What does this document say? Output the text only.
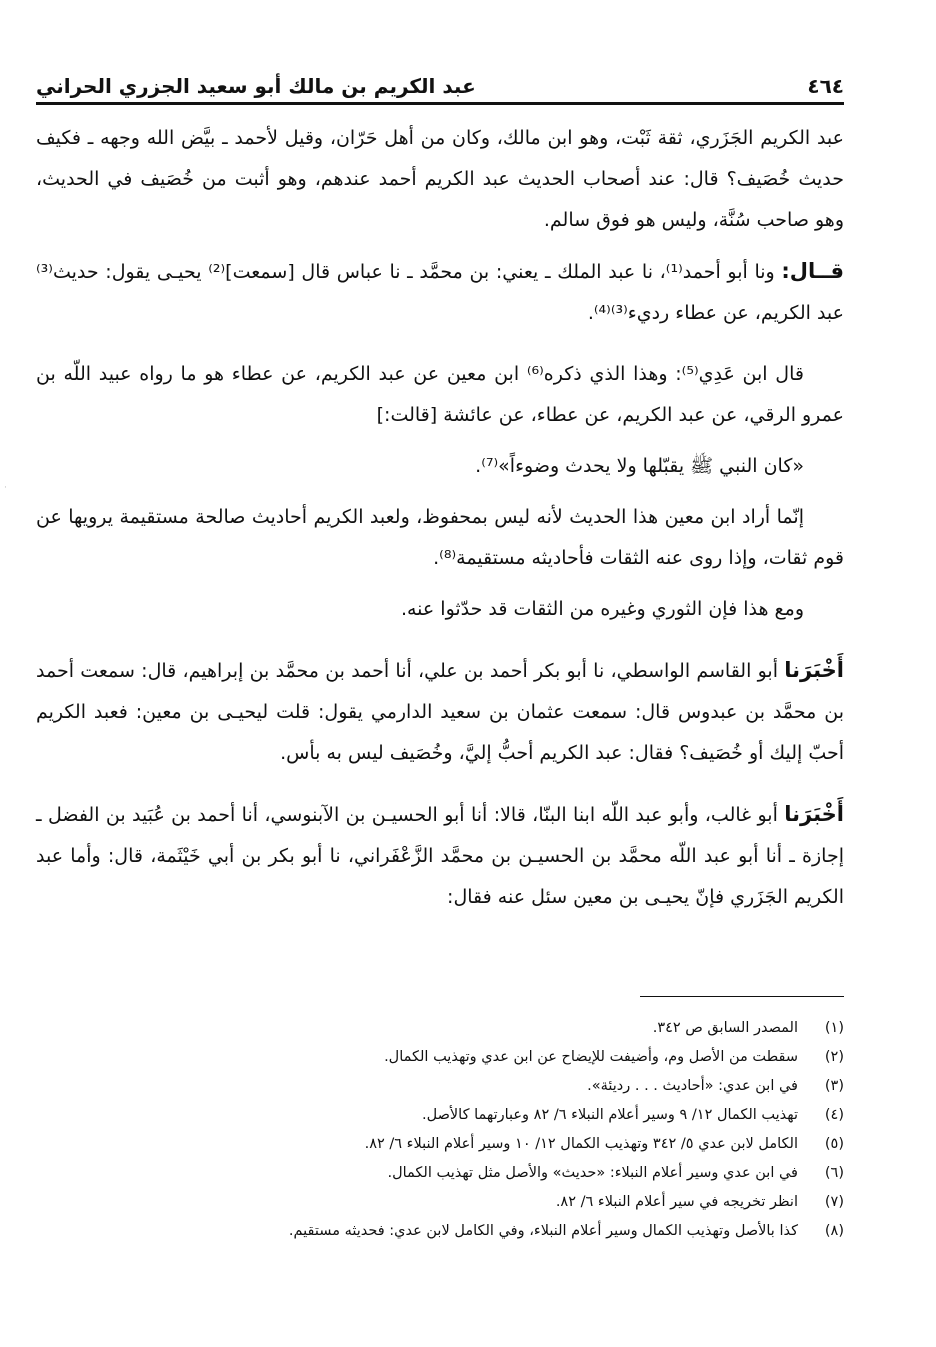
٤٦٤
عبد الكريم بن مالك أبو سعيد الجزري الحراني
·

عبد الكريم الجَزَري، ثقة ثَبْت، وهو ابن مالك، وكان من أهل حَرّان، وقيل لأحمد ـ بيَّض الله وجهه ـ فكيف حديث خُصَيف؟ قال: عند أصحاب الحديث عبد الكريم أحمد عندهم، وهو أثبت من خُصَيف في الحديث، وهو صاحب سُنَّة، وليس هو فوق سالم.

قــال: ونا أبو أحمد⁽¹⁾، نا عبد الملك ـ يعني: بن محمَّد ـ نا عباس قال [سمعت]⁽²⁾ يحيـى يقول: حديث⁽³⁾ عبد الكريم، عن عطاء رديء⁽³⁾⁽⁴⁾.

قال ابن عَدِي⁽⁵⁾: وهذا الذي ذكره⁽⁶⁾ ابن معين عن عبد الكريم، عن عطاء هو ما رواه عبيد اللّه بن عمرو الرقي، عن عبد الكريم، عن عطاء، عن عائشة [قالت:]

«كان النبي ﷺ يقبّلها ولا يحدث وضوءاً»⁽⁷⁾.

إنّما أراد ابن معين هذا الحديث لأنه ليس بمحفوظ، ولعبد الكريم أحاديث صالحة مستقيمة يرويها عن قوم ثقات، وإذا روى عنه الثقات فأحاديثه مستقيمة⁽⁸⁾.

ومع هذا فإن الثوري وغيره من الثقات قد حدّثوا عنه.

أَخْبَرَنا أبو القاسم الواسطي، نا أبو بكر أحمد بن علي، أنا أحمد بن محمَّد بن إبراهيم، قال: سمعت أحمد بن محمَّد بن عبدوس قال: سمعت عثمان بن سعيد الدارمي يقول: قلت ليحيـى بن معين: فعبد الكريم أحبّ إليك أو خُصَيف؟ فقال: عبد الكريم أحبُّ إليَّ، وخُصَيف ليس به بأس.

أَخْبَرَنا أبو غالب، وأبو عبد اللّه ابنا البنّا، قالا: أنا أبو الحسيـن بن الآبنوسي، أنا أحمد بن عُبَيد بن الفضل ـ إجازة ـ أنا أبو عبد اللّه محمَّد بن الحسيـن بن محمَّد الزَّعْفَراني، نا أبو بكر بن أبي خَيْثَمة، قال: وأما عبد الكريم الجَزَري فإنّ يحيـى بن معين سئل عنه فقال:

(١)
المصدر السابق ص ٣٤٢.
(٢)
سقطت من الأصل وم، وأضيفت للإيضاح عن ابن عدي وتهذيب الكمال.
(٣)
في ابن عدي: «أحاديث . . . رديئة».
(٤)
تهذيب الكمال ١٢/ ٩ وسير أعلام النبلاء ٦/ ٨٢ وعبارتهما كالأصل.
(٥)
الكامل لابن عدي ٥/ ٣٤٢ وتهذيب الكمال ١٢/ ١٠ وسير أعلام النبلاء ٦/ ٨٢.
(٦)
في ابن عدي وسير أعلام النبلاء: «حديث» والأصل مثل تهذيب الكمال.
(٧)
انظر تخريجه في سير أعلام النبلاء ٦/ ٨٢.
(٨)
كذا بالأصل وتهذيب الكمال وسير أعلام النبلاء، وفي الكامل لابن عدي: فحديثه مستقيم.
